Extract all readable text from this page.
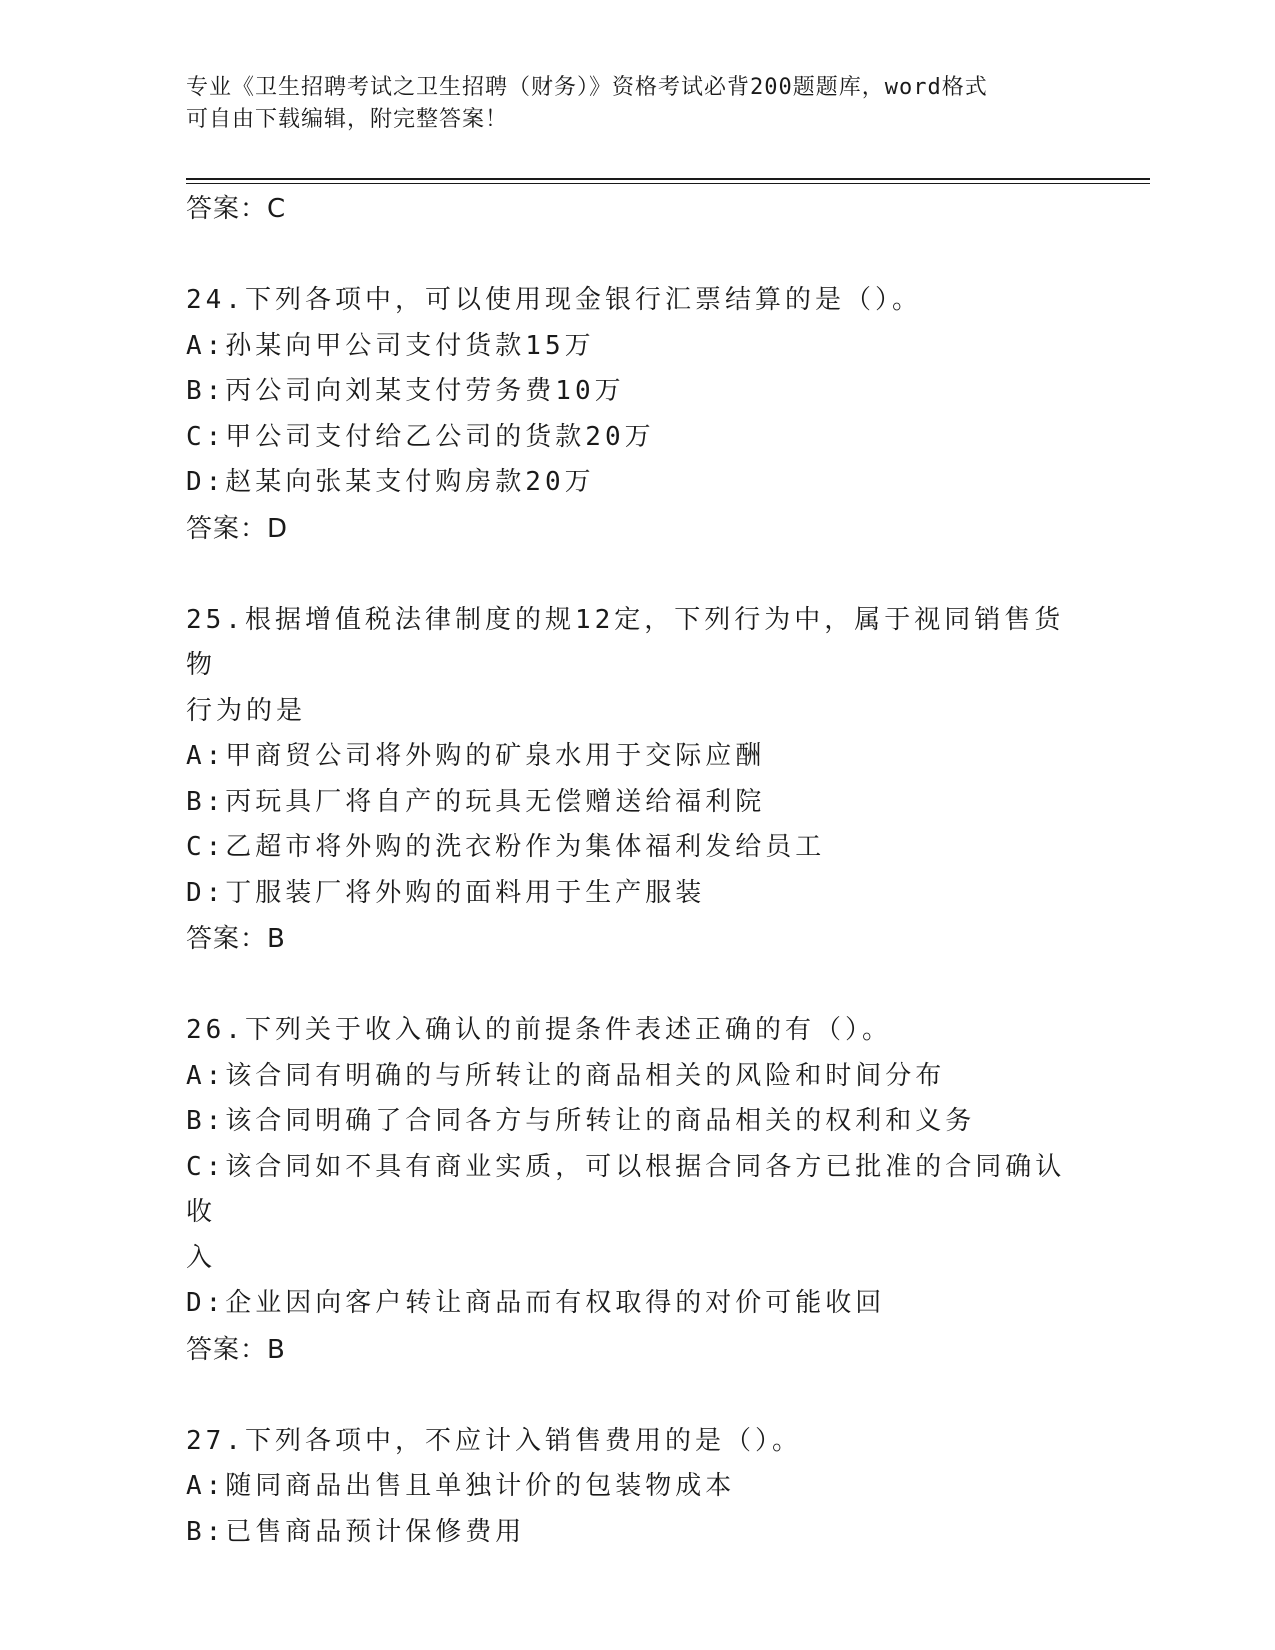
专业《卫生招聘考试之卫生招聘（财务）》资格考试必背200题题库，word格式
可自由下载编辑，附完整答案！
答案：C
24.下列各项中，可以使用现金银行汇票结算的是（）。
A:孙某向甲公司支付货款15万
B:丙公司向刘某支付劳务费10万
C:甲公司支付给乙公司的货款20万
D:赵某向张某支付购房款20万
答案：D
25.根据增值税法律制度的规12定，下列行为中，属于视同销售货物
行为的是
A:甲商贸公司将外购的矿泉水用于交际应酬
B:丙玩具厂将自产的玩具无偿赠送给福利院
C:乙超市将外购的洗衣粉作为集体福利发给员工
D:丁服装厂将外购的面料用于生产服装
答案：B
26.下列关于收入确认的前提条件表述正确的有（）。
A:该合同有明确的与所转让的商品相关的风险和时间分布
B:该合同明确了合同各方与所转让的商品相关的权利和义务
C:该合同如不具有商业实质，可以根据合同各方已批准的合同确认收
入
D:企业因向客户转让商品而有权取得的对价可能收回
答案：B
27.下列各项中，不应计入销售费用的是（）。
A:随同商品出售且单独计价的包装物成本
B:已售商品预计保修费用
